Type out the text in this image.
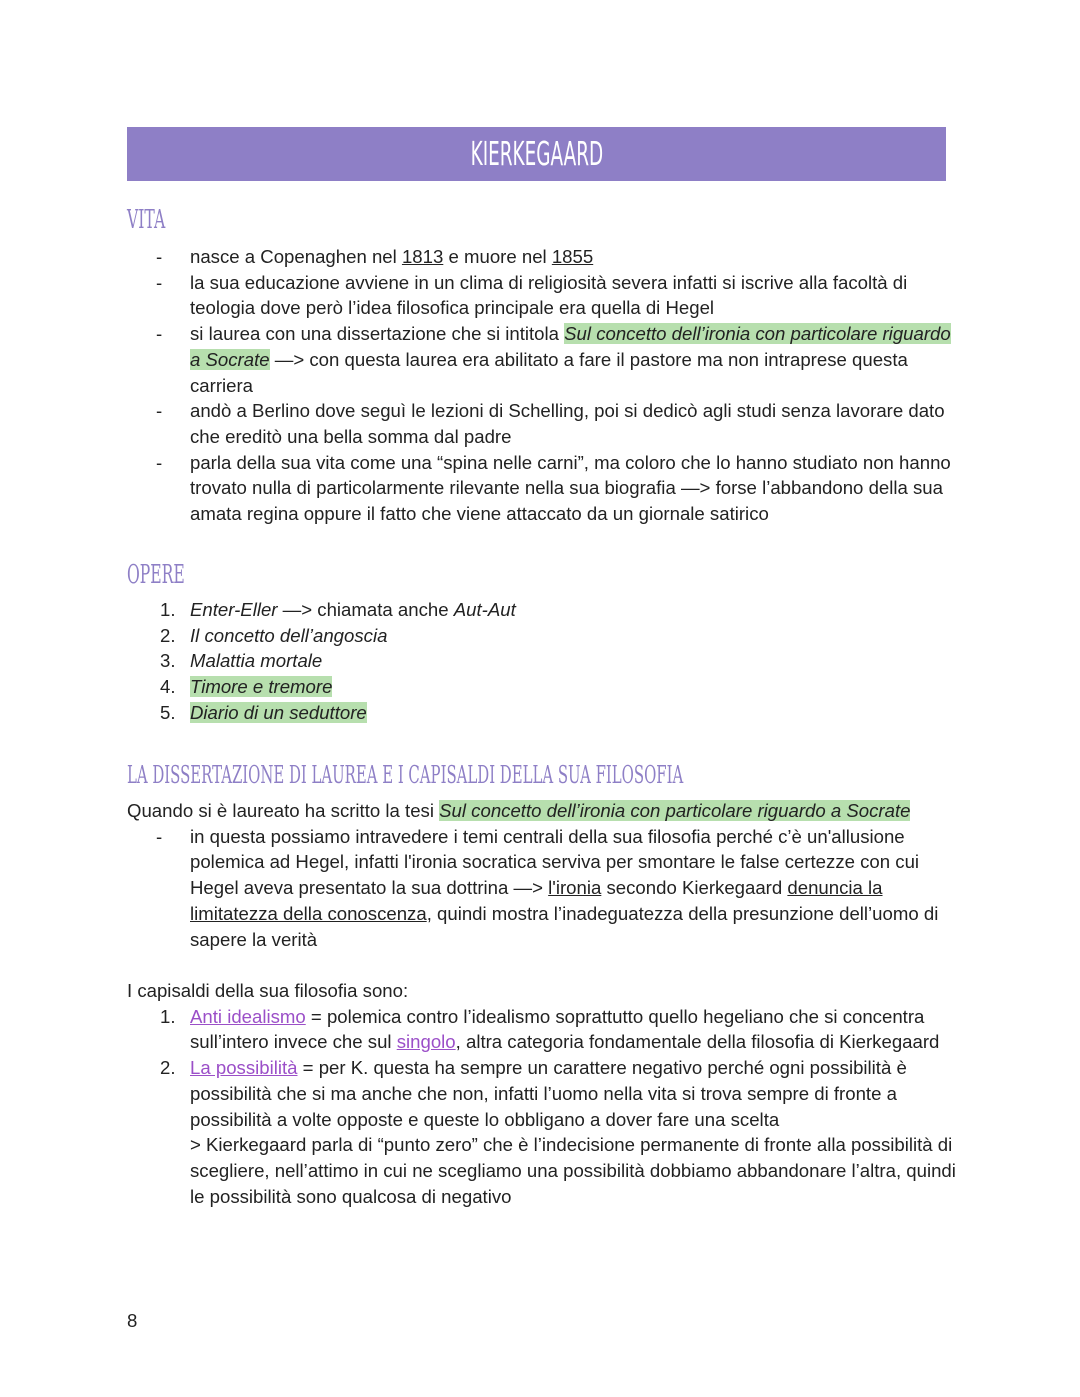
KIERKEGAARD
VITA
- nasce a Copenaghen nel 1813 e muore nel 1855
- la sua educazione avviene in un clima di religiosità severa infatti si iscrive alla facoltà di teologia dove però l’idea filosofica principale era quella di Hegel
- si laurea con una dissertazione che si intitola Sul concetto dell’ironia con particolare riguardo a Socrate —> con questa laurea era abilitato a fare il pastore ma non intraprese questa carriera
- andò a Berlino dove seguì le lezioni di Schelling, poi si dedicò agli studi senza lavorare dato che ereditò una bella somma dal padre
- parla della sua vita come una “spina nelle carni”, ma coloro che lo hanno studiato non hanno trovato nulla di particolarmente rilevante nella sua biografia —> forse l’abbandono della sua amata regina oppure il fatto che viene attaccato da un giornale satirico
OPERE
1. Enter-Eller —> chiamata anche Aut-Aut
2. Il concetto dell’angoscia
3. Malattia mortale
4. Timore e tremore
5. Diario di un seduttore
LA DISSERTAZIONE DI LAUREA E I CAPISALDI DELLA SUA FILOSOFIA
Quando si è laureato ha scritto la tesi Sul concetto dell’ironia con particolare riguardo a Socrate
- in questa possiamo intravedere i temi centrali della sua filosofia perché c’è un'allusione polemica ad Hegel, infatti l'ironia socratica serviva per smontare le false certezze con cui Hegel aveva presentato la sua dottrina —> l'ironia secondo Kierkegaard denuncia la limitatezza della conoscenza, quindi mostra l’inadeguatezza della presunzione dell’uomo di sapere la verità
I capisaldi della sua filosofia sono:
1. Anti idealismo = polemica contro l’idealismo soprattutto quello hegeliano che si concentra sull’intero invece che sul singolo, altra categoria fondamentale della filosofia di Kierkegaard
2. La possibilità = per K. questa ha sempre un carattere negativo perché ogni possibilità è possibilità che si ma anche che non, infatti l’uomo nella vita si trova sempre di fronte a possibilità a volte opposte e queste lo obbligano a dover fare una scelta
> Kierkegaard parla di “punto zero” che è l’indecisione permanente di fronte alla possibilità di scegliere, nell’attimo in cui ne scegliamo una possibilità dobbiamo abbandonare l’altra, quindi le possibilità sono qualcosa di negativo
8
